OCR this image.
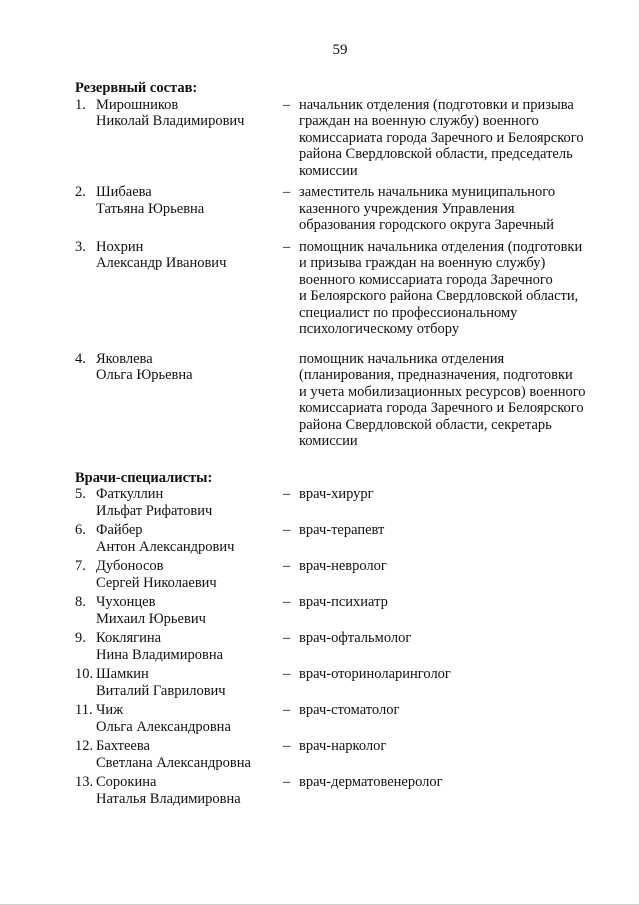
59
Резервный состав:
1. Мирошников
Николай Владимирович
– начальник отделения (подготовки и призыва
граждан на военную службу) военного
комиссариата города Заречного и Белоярского
района Свердловской области, председатель
комиссии
2. Шибаева
Татьяна Юрьевна
– заместитель начальника муниципального
казенного учреждения Управления
образования городского округа Заречный
3. Нохрин
Александр Иванович
– помощник начальника отделения (подготовки
и призыва граждан на военную службу)
военного комиссариата города Заречного
и Белоярского района Свердловской области,
специалист по профессиональному
психологическому отбору
4. Яковлева
Ольга Юрьевна
помощник начальника отделения
(планирования, предназначения, подготовки
и учета мобилизационных ресурсов) военного
комиссариата города Заречного и Белоярского
района Свердловской области, секретарь
комиссии
Врачи-специалисты:
5. Фаткуллин
Ильфат Рифатович
– врач-хирург
6. Файбер
Антон Александрович
– врач-терапевт
7. Дубоносов
Сергей Николаевич
– врач-невролог
8. Чухонцев
Михаил Юрьевич
– врач-психиатр
9. Коклягина
Нина Владимировна
– врач-офтальмолог
10. Шамкин
Виталий Гаврилович
– врач-оториноларинголог
11. Чиж
Ольга Александровна
– врач-стоматолог
12. Бахтеева
Светлана Александровна
– врач-нарколог
13. Сорокина
Наталья Владимировна
– врач-дерматовенеролог
